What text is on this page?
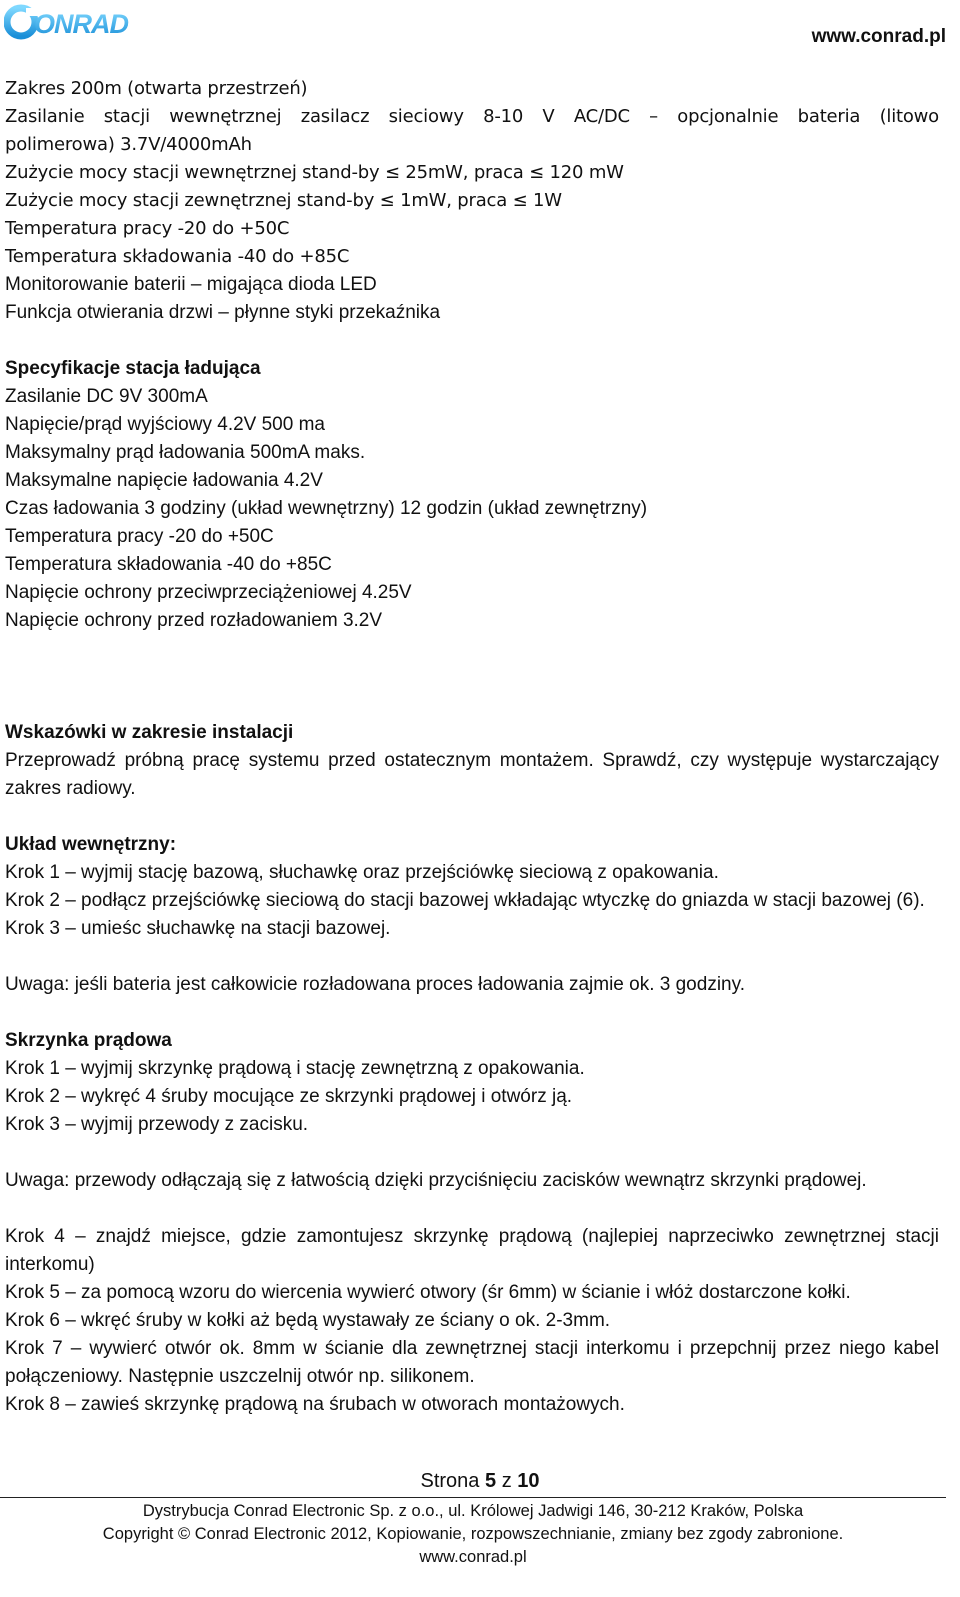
ONRAD	www.conrad.pl
Zakres 200m (otwarta przestrzeń)
Zasilanie stacji wewnętrznej zasilacz sieciowy 8-10 V AC/DC – opcjonalnie bateria (litowo
polimerowa) 3.7V/4000mAh
Zużycie mocy stacji wewnętrznej stand-by ≤ 25mW, praca ≤ 120 mW
Zużycie mocy stacji zewnętrznej stand-by ≤ 1mW, praca ≤ 1W
Temperatura pracy -20 do +50C
Temperatura składowania -40 do +85C
Monitorowanie baterii – migająca dioda LED
Funkcja otwierania drzwi – płynne styki przekaźnika
Specyfikacje stacja ładująca
Zasilanie DC 9V 300mA
Napięcie/prąd wyjściowy 4.2V 500 ma
Maksymalny prąd ładowania 500mA maks.
Maksymalne napięcie ładowania 4.2V
Czas ładowania 3 godziny (układ wewnętrzny) 12 godzin (układ zewnętrzny)
Temperatura pracy -20 do +50C
Temperatura składowania -40 do +85C
Napięcie ochrony przeciwprzeciążeniowej 4.25V
Napięcie ochrony przed rozładowaniem 3.2V
Wskazówki w zakresie instalacji
Przeprowadź próbną pracę systemu przed ostatecznym montażem. Sprawdź, czy występuje wystarczający zakres radiowy.
Układ wewnętrzny:
Krok 1 – wyjmij stację bazową, słuchawkę oraz przejściówkę sieciową z opakowania.
Krok 2 – podłącz przejściówkę sieciową do stacji bazowej wkładając wtyczkę do gniazda w stacji bazowej (6).
Krok 3 – umieśc słuchawkę na stacji bazowej.
Uwaga: jeśli bateria jest całkowicie rozładowana proces ładowania zajmie ok. 3 godziny.
Skrzynka prądowa
Krok 1 – wyjmij skrzynkę prądową i stację zewnętrzną z opakowania.
Krok 2 – wykręć 4 śruby mocujące ze skrzynki prądowej i otwórz ją.
Krok 3 – wyjmij przewody z zacisku.
Uwaga: przewody odłączają się z łatwością dzięki przyciśnięciu zacisków wewnątrz skrzynki prądowej.
Krok 4 – znajdź miejsce, gdzie zamontujesz skrzynkę prądową (najlepiej naprzeciwko zewnętrznej stacji interkomu)
Krok 5 – za pomocą wzoru do wiercenia wywierć otwory (śr 6mm) w ścianie i włóż dostarczone kołki.
Krok 6 – wkręć śruby w kołki aż będą wystawały ze ściany o ok. 2-3mm.
Krok 7 – wywierć otwór ok. 8mm w ścianie dla zewnętrznej stacji interkomu i przepchnij przez niego kabel połączeniowy. Następnie uszczelnij otwór np. silikonem.
Krok 8 – zawieś skrzynkę prądową na śrubach w otworach montażowych.
Strona 5 z 10
Dystrybucja Conrad Electronic Sp. z o.o., ul. Królowej Jadwigi 146, 30-212 Kraków, Polska
Copyright © Conrad Electronic 2012, Kopiowanie, rozpowszechnianie, zmiany bez zgody zabronione.
www.conrad.pl
